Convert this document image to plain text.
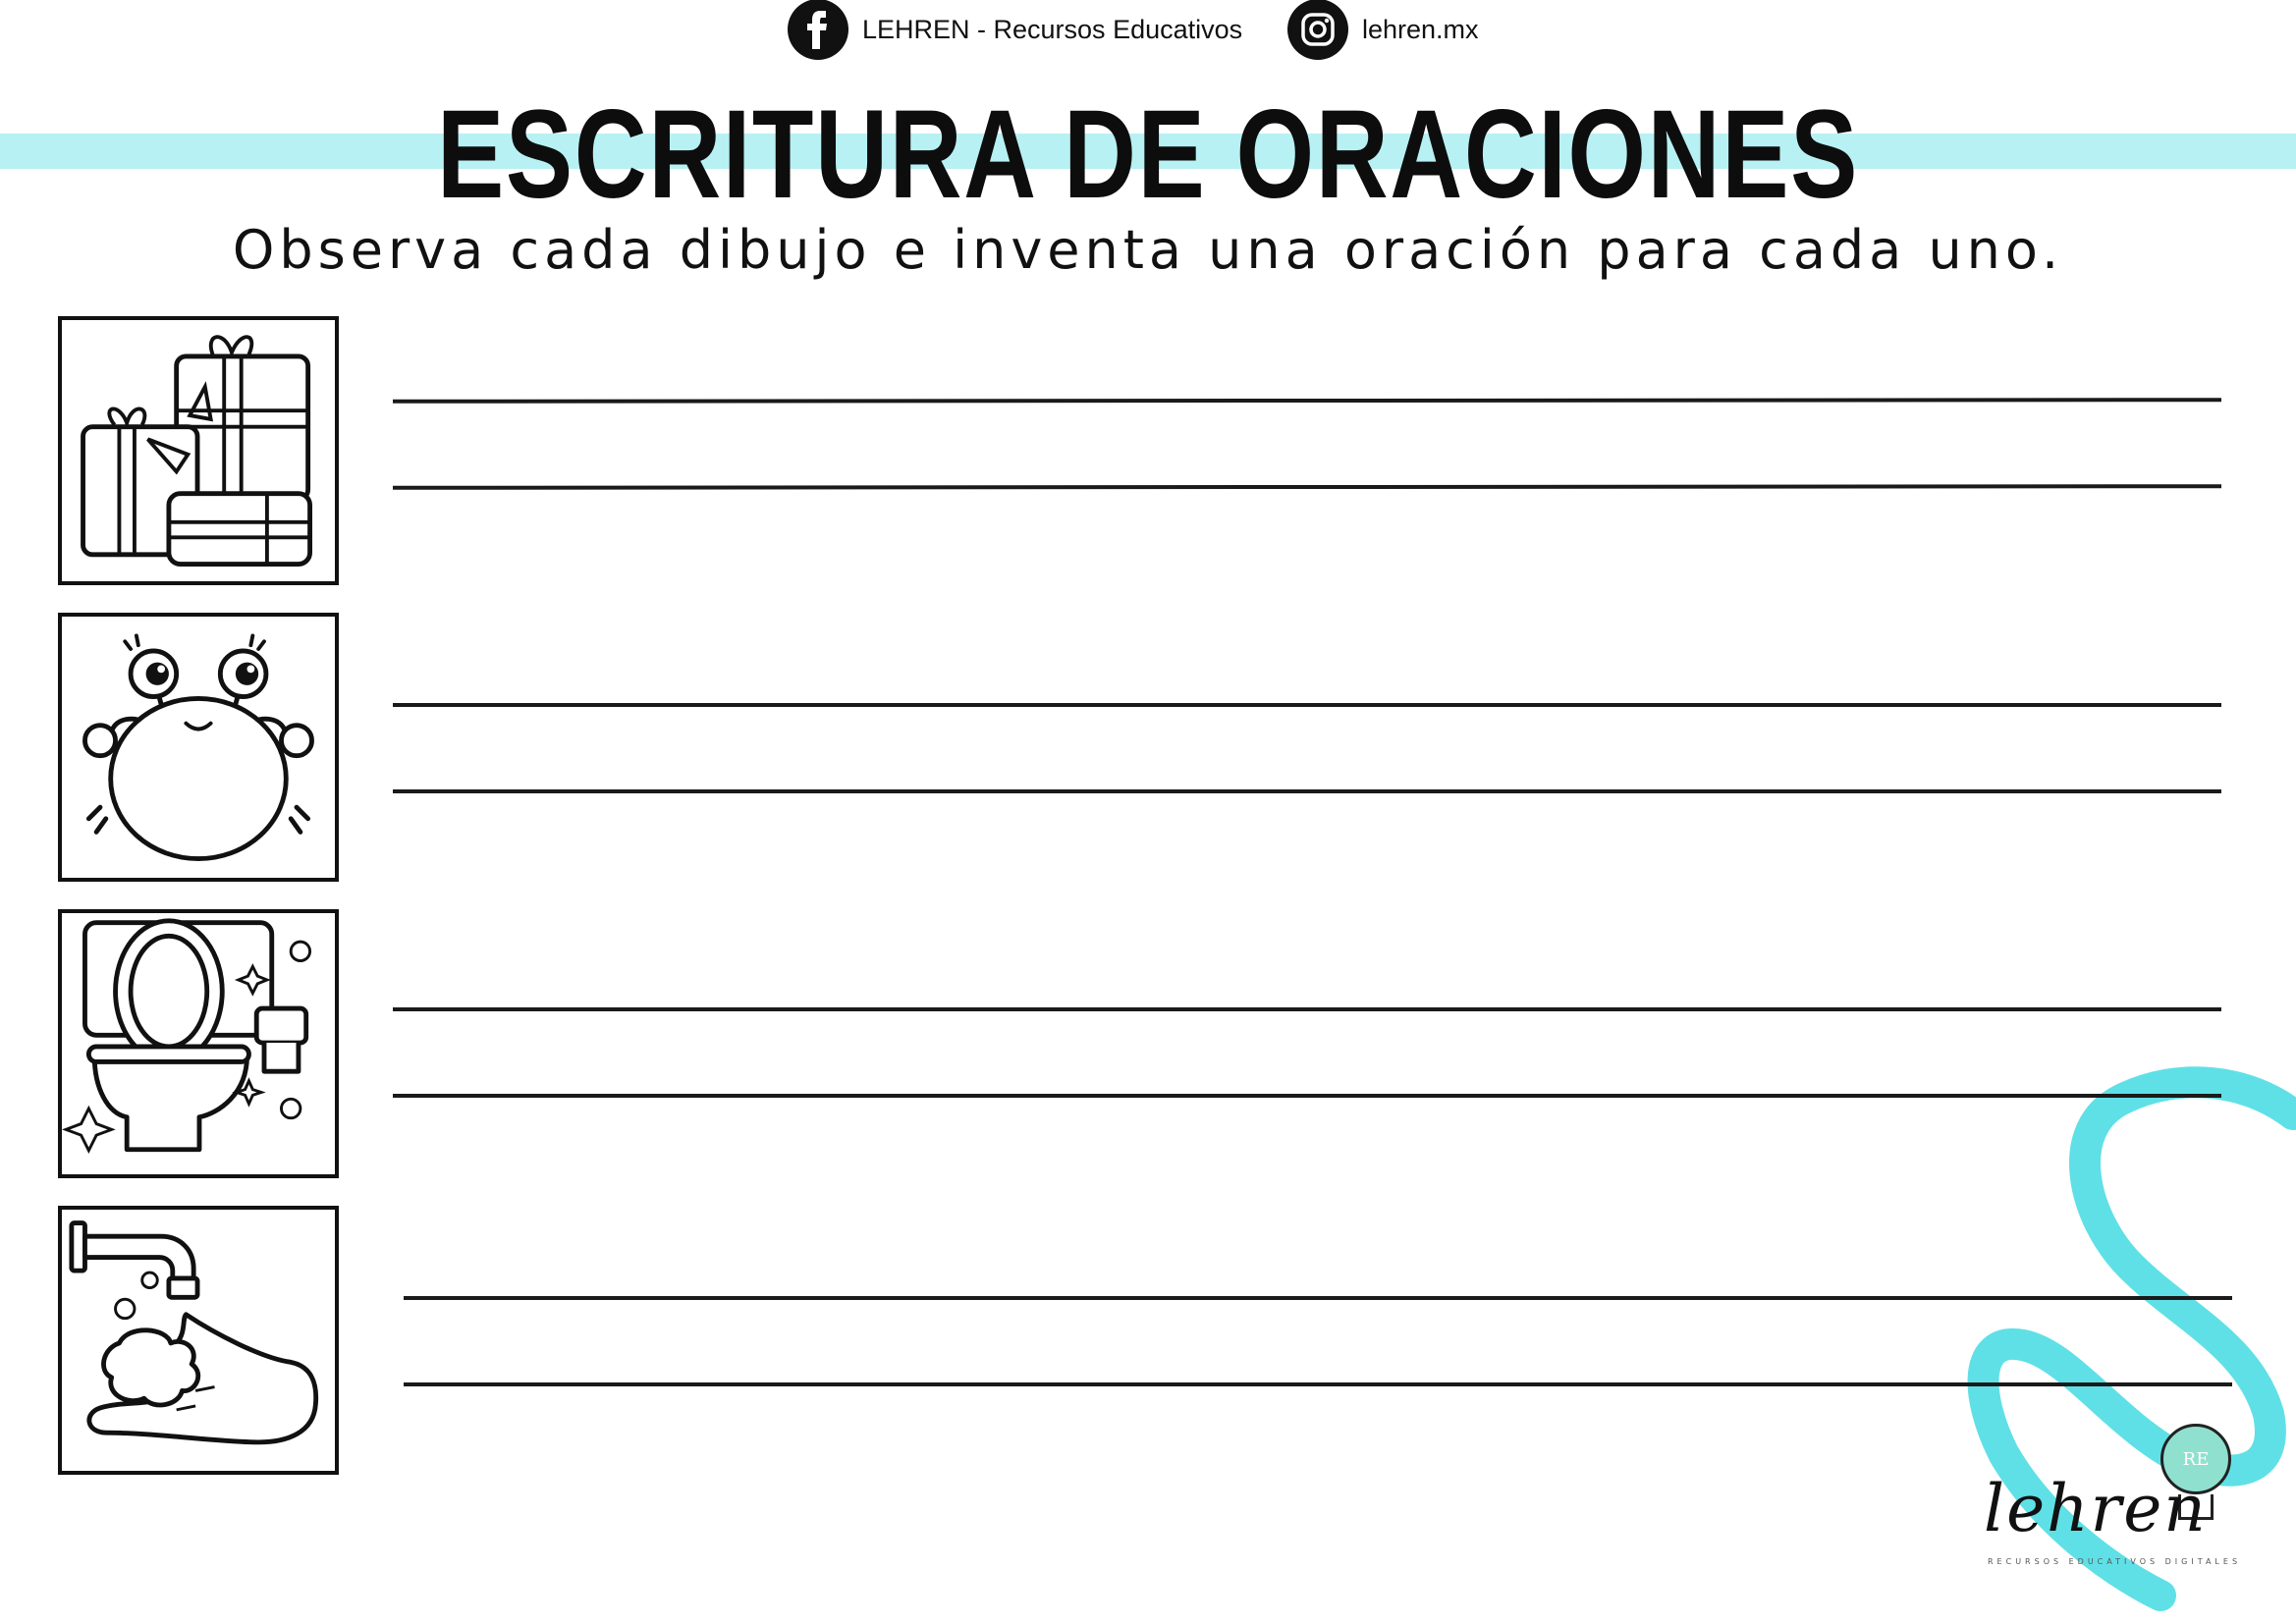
LEHREN - Recursos Educativos	lehren.mx
ESCRITURA DE ORACIONES
Observa cada dibujo e inventa una oración para cada uno.
RE
lehren
RECURSOS EDUCATIVOS DIGITALES
